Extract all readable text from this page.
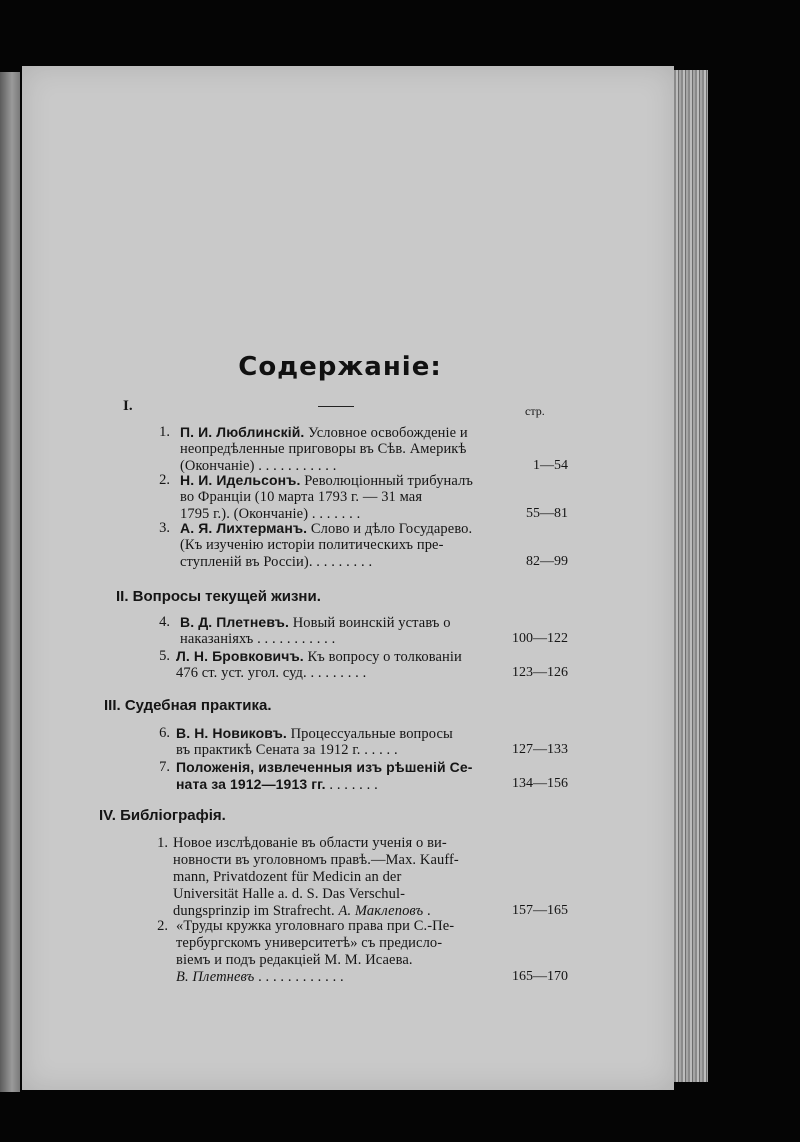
Содержаніе:
I.	стр.
1. П. И. Люблинскій. Условное освобожденіе и
неопредѣленные приговоры въ Сѣв. Америкѣ
(Окончаніе) . . . . . . . . . . .	1—54
2. Н. И. Идельсонъ. Революціонный трибуналъ
во Франціи (10 марта 1793 г. — 31 мая
1795 г.). (Окончаніе) . . . . . . .	55—81
3. А. Я. Лихтерманъ. Слово и дѣло Государево.
(Къ изученію исторіи политическихъ пре-
ступленій въ Россіи). . . . . . . . .	82—99
II. Вопросы текущей жизни.
4. В. Д. Плетневъ. Новый воинскій уставъ о
наказаніяхъ . . . . . . . . . . .	100—122
5. Л. Н. Бровковичъ. Къ вопросу о толкованіи
476 ст. уст. угол. суд. . . . . . . . .	123—126
III. Судебная практика.
6. В. Н. Новиковъ. Процессуальные вопросы
въ практикѣ Сената за 1912 г. . . . . .	127—133
7. Положенія, извлеченныя изъ рѣшеній Се-
ната за 1912—1913 гг. . . . . . . .	134—156
IV. Библіографія.
1. Новое изслѣдованіе въ области ученія о ви-
новности въ уголовномъ правѣ.—Max. Kauff-
mann, Privatdozent für Medicin an der
Universität Halle a. d. S. Das Verschul-
dungsprinzip im Strafrecht. А. Маклеповъ .	157—165
2. «Труды кружка уголовнаго права при С.-Пе-
тербургскомъ университетѣ» съ предисло-
віемъ и подъ редакціей М. М. Исаева.
В. Плетневъ . . . . . . . . . . . .	165—170
